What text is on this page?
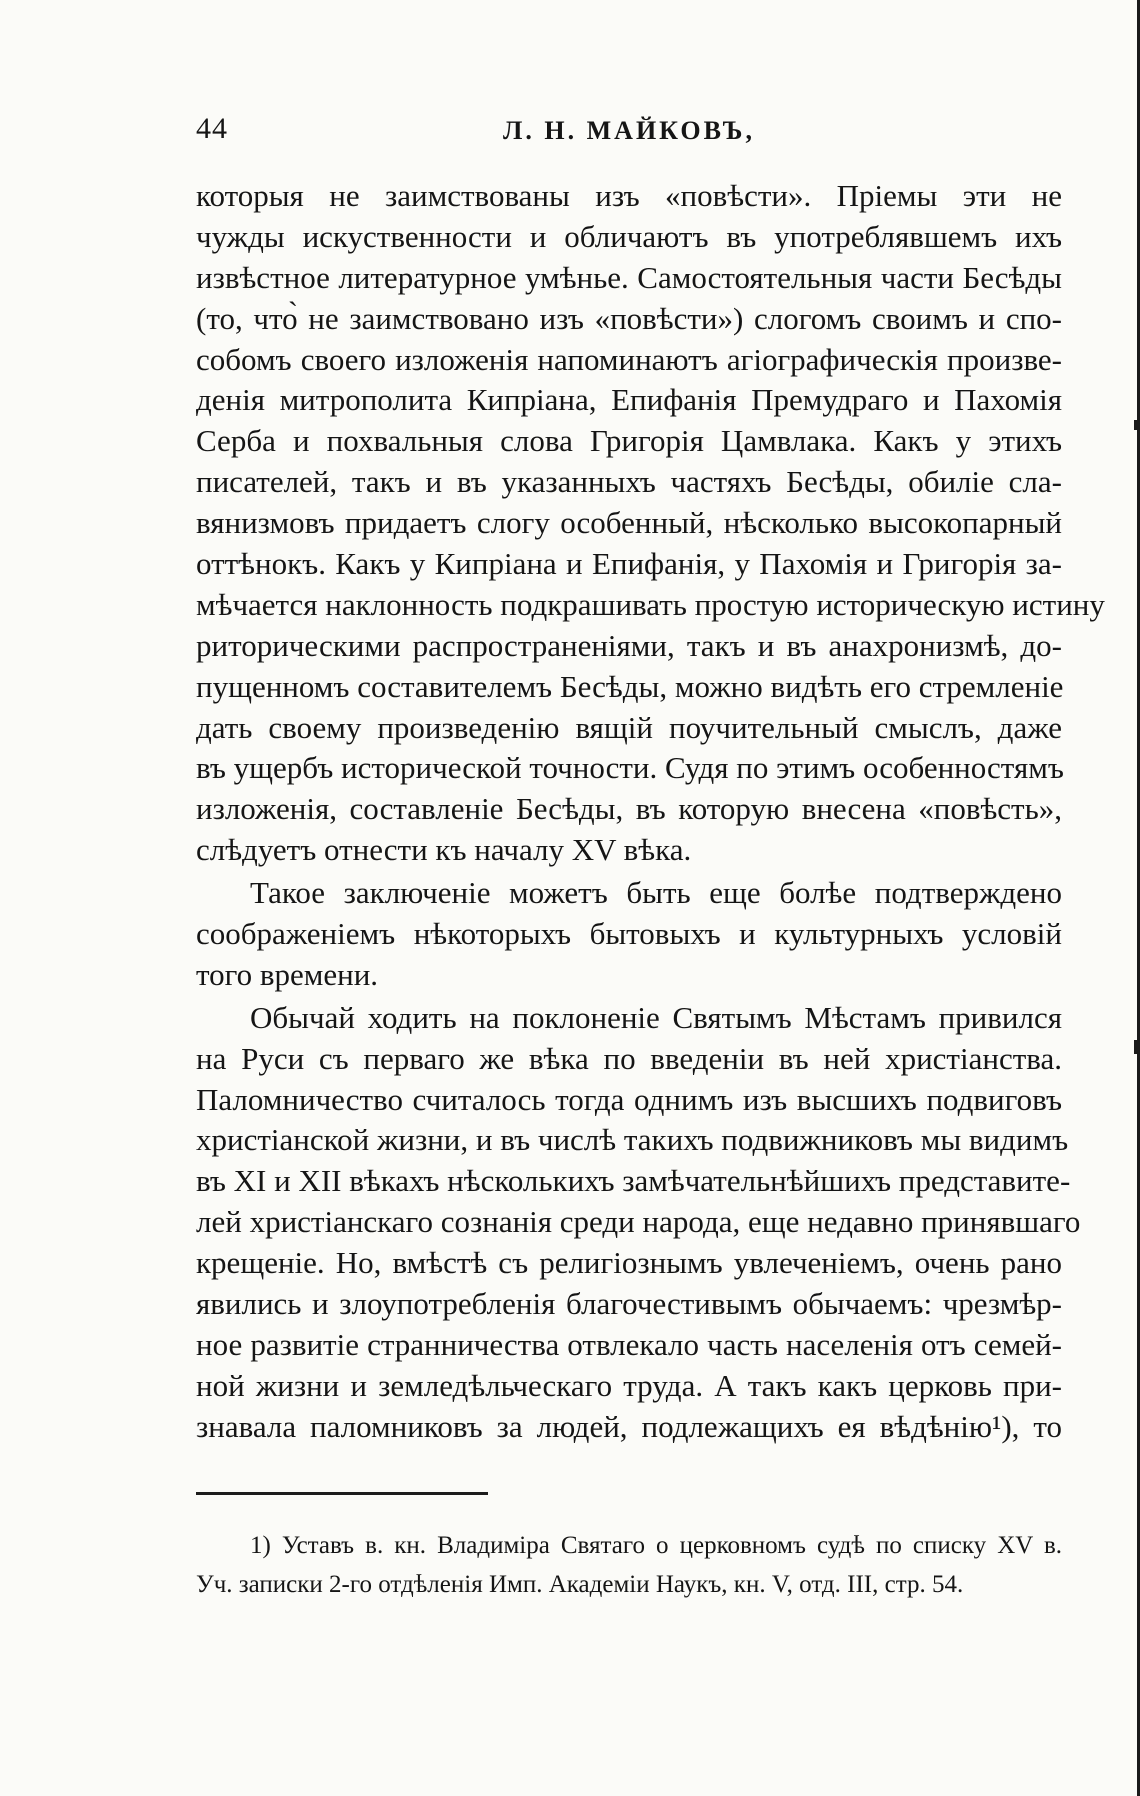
44	Л. Н. МАЙКОВЪ,
которыя не заимствованы изъ «повѣсти». Пріемы эти не
чужды искуственности и обличаютъ въ употреблявшемъ ихъ
извѣстное литературное умѣнье. Самостоятельныя части Бесѣды
(то, что̀ не заимствовано изъ «повѣсти») слогомъ своимъ и спо-
собомъ своего изложенія напоминаютъ агіографическія произве-
денія митрополита Кипріана, Епифанія Премудраго и Пахомія
Серба и похвальныя слова Григорія Цамвлака. Какъ у этихъ
писателей, такъ и въ указанныхъ частяхъ Бесѣды, обиліе сла-
вянизмовъ придаетъ слогу особенный, нѣсколько высокопарный
оттѣнокъ. Какъ у Кипріана и Епифанія, у Пахомія и Григорія за-
мѣчается наклонность подкрашивать простую историческую истину
риторическими распространеніями, такъ и въ анахронизмѣ, до-
пущенномъ составителемъ Бесѣды, можно видѣть его стремленіе
дать своему произведенію вящій поучительный смыслъ, даже
въ ущербъ исторической точности. Судя по этимъ особенностямъ
изложенія, составленіе Бесѣды, въ которую внесена «повѣсть»,
слѣдуетъ отнести къ началу XV вѣка.
Такое заключеніе можетъ быть еще болѣе подтверждено
соображеніемъ нѣкоторыхъ бытовыхъ и культурныхъ условій
того времени.
Обычай ходить на поклоненіе Святымъ Мѣстамъ привился
на Руси съ перваго же вѣка по введеніи въ ней христіанства.
Паломничество считалось тогда однимъ изъ высшихъ подвиговъ
христіанской жизни, и въ числѣ такихъ подвижниковъ мы видимъ
въ XI и XII вѣкахъ нѣсколькихъ замѣчательнѣйшихъ представите-
лей христіанскаго сознанія среди народа, еще недавно принявшаго
крещеніе. Но, вмѣстѣ съ религіознымъ увлеченіемъ, очень рано
явились и злоупотребленія благочестивымъ обычаемъ: чрезмѣр-
ное развитіе странничества отвлекало часть населенія отъ семей-
ной жизни и земледѣльческаго труда. А такъ какъ церковь при-
знавала паломниковъ за людей, подлежащихъ ея вѣдѣнію¹), то
1) Уставъ в. кн. Владиміра Святаго о церковномъ судѣ по списку XV в.
Уч. записки 2-го отдѣленія Имп. Академіи Наукъ, кн. V, отд. III, стр. 54.
